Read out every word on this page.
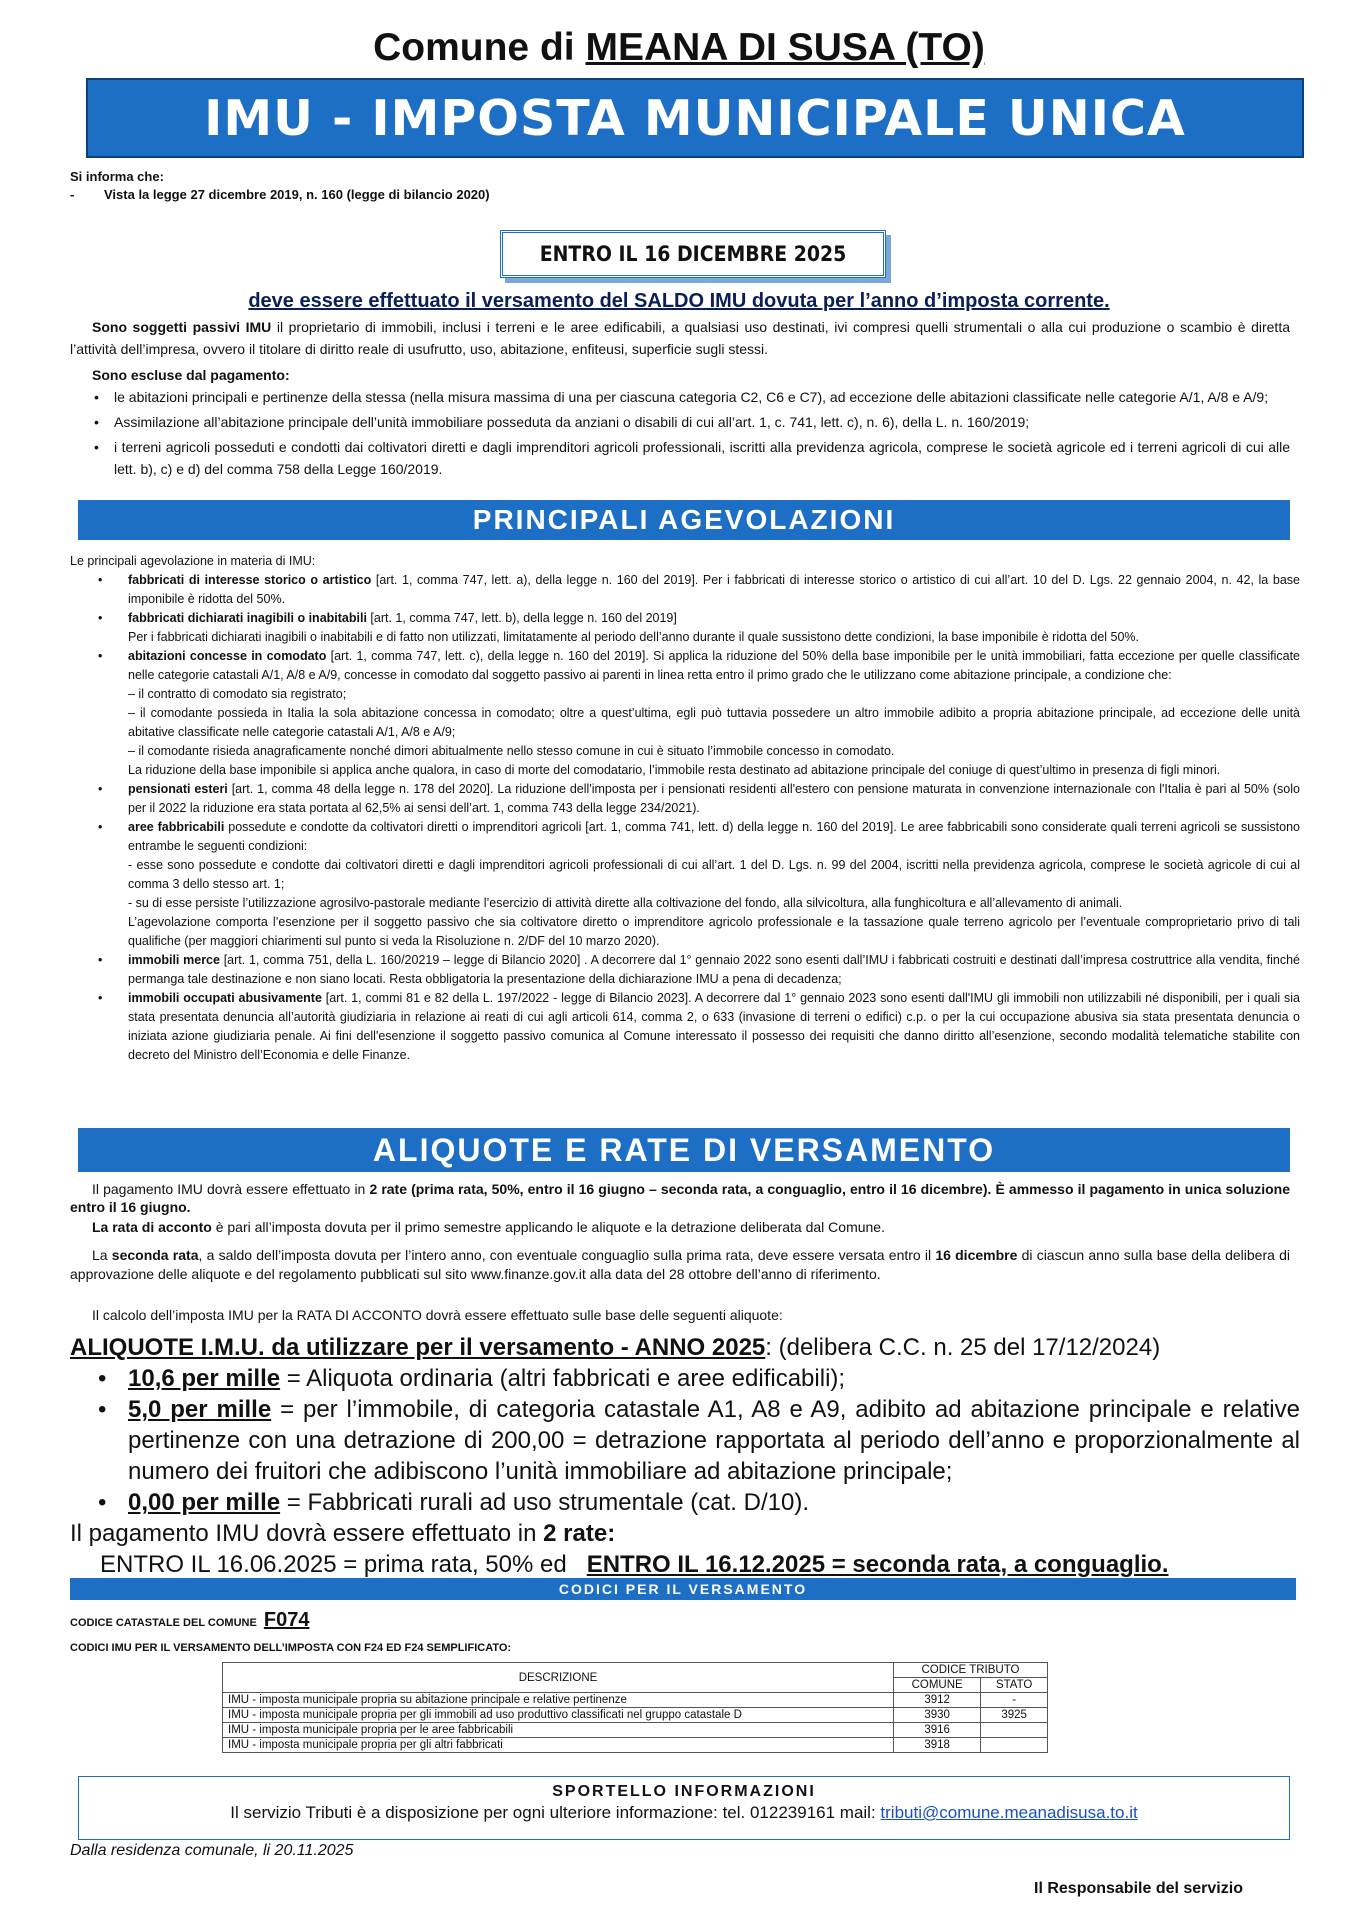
Comune di MEANA DI SUSA (TO)
IMU - IMPOSTA MUNICIPALE UNICA
Si informa che:
- Vista la legge 27 dicembre 2019, n. 160 (legge di bilancio 2020)
ENTRO IL 16 DICEMBRE 2025
deve essere effettuato il versamento del SALDO IMU dovuta per l’anno d’imposta corrente.
Sono soggetti passivi IMU il proprietario di immobili, inclusi i terreni e le aree edificabili, a qualsiasi uso destinati, ivi compresi quelli strumentali o alla cui produzione o scambio è diretta l’attività dell’impresa, ovvero il titolare di diritto reale di usufrutto, uso, abitazione, enfiteusi, superficie sugli stessi.
Sono escluse dal pagamento:
• le abitazioni principali e pertinenze della stessa (nella misura massima di una per ciascuna categoria C2, C6 e C7), ad eccezione delle abitazioni classificate nelle categorie A/1, A/8 e A/9;
• Assimilazione all’abitazione principale dell’unità immobiliare posseduta da anziani o disabili di cui all’art. 1, c. 741, lett. c), n. 6), della L. n. 160/2019;
• i terreni agricoli posseduti e condotti dai coltivatori diretti e dagli imprenditori agricoli professionali, iscritti alla previdenza agricola, comprese le società agricole ed i terreni agricoli di cui alle lett. b), c) e d) del comma 758 della Legge 160/2019.
PRINCIPALI AGEVOLAZIONI
Le principali agevolazione in materia di IMU:
• fabbricati di interesse storico o artistico [art. 1, comma 747, lett. a), della legge n. 160 del 2019]. Per i fabbricati di interesse storico o artistico di cui all’art. 10 del D. Lgs. 22 gennaio 2004, n. 42, la base imponibile è ridotta del 50%.
• fabbricati dichiarati inagibili o inabitabili [art. 1, comma 747, lett. b), della legge n. 160 del 2019]
Per i fabbricati dichiarati inagibili o inabitabili e di fatto non utilizzati, limitatamente al periodo dell’anno durante il quale sussistono dette condizioni, la base imponibile è ridotta del 50%.
• abitazioni concesse in comodato [art. 1, comma 747, lett. c), della legge n. 160 del 2019]. Si applica la riduzione del 50% della base imponibile per le unità immobiliari, fatta eccezione per quelle classificate nelle categorie catastali A/1, A/8 e A/9, concesse in comodato dal soggetto passivo ai parenti in linea retta entro il primo grado che le utilizzano come abitazione principale, a condizione che:
– il contratto di comodato sia registrato;
– il comodante possieda in Italia la sola abitazione concessa in comodato; oltre a quest’ultima, egli può tuttavia possedere un altro immobile adibito a propria abitazione principale, ad eccezione delle unità abitative classificate nelle categorie catastali A/1, A/8 e A/9;
– il comodante risieda anagraficamente nonché dimori abitualmente nello stesso comune in cui è situato l’immobile concesso in comodato.
La riduzione della base imponibile si applica anche qualora, in caso di morte del comodatario, l’immobile resta destinato ad abitazione principale del coniuge di quest’ultimo in presenza di figli minori.
• pensionati esteri [art. 1, comma 48 della legge n. 178 del 2020]. La riduzione dell'imposta per i pensionati residenti all'estero con pensione maturata in convenzione internazionale con l'Italia è pari al 50% (solo per il 2022 la riduzione era stata portata al 62,5% ai sensi dell’art. 1, comma 743 della legge 234/2021).
• aree fabbricabili possedute e condotte da coltivatori diretti o imprenditori agricoli [art. 1, comma 741, lett. d) della legge n. 160 del 2019]. Le aree fabbricabili sono considerate quali terreni agricoli se sussistono entrambe le seguenti condizioni:
- esse sono possedute e condotte dai coltivatori diretti e dagli imprenditori agricoli professionali di cui all’art. 1 del D. Lgs. n. 99 del 2004, iscritti nella previdenza agricola, comprese le società agricole di cui al comma 3 dello stesso art. 1;
- su di esse persiste l’utilizzazione agrosilvo-pastorale mediante l’esercizio di attività dirette alla coltivazione del fondo, alla silvicoltura, alla funghicoltura e all’allevamento di animali.
L’agevolazione comporta l’esenzione per il soggetto passivo che sia coltivatore diretto o imprenditore agricolo professionale e la tassazione quale terreno agricolo per l’eventuale comproprietario privo di tali qualifiche (per maggiori chiarimenti sul punto si veda la Risoluzione n. 2/DF del 10 marzo 2020).
• immobili merce [art. 1, comma 751, della L. 160/20219 – legge di Bilancio 2020] . A decorrere dal 1° gennaio 2022 sono esenti dall’IMU i fabbricati costruiti e destinati dall’impresa costruttrice alla vendita, finché permanga tale destinazione e non siano locati. Resta obbligatoria la presentazione della dichiarazione IMU a pena di decadenza;
• immobili occupati abusivamente [art. 1, commi 81 e 82 della L. 197/2022 - legge di Bilancio 2023]. A decorrere dal 1° gennaio 2023 sono esenti dall'IMU gli immobili non utilizzabili né disponibili, per i quali sia stata presentata denuncia all’autorità giudiziaria in relazione ai reati di cui agli articoli 614, comma 2, o 633 (invasione di terreni o edifici) c.p. o per la cui occupazione abusiva sia stata presentata denuncia o iniziata azione giudiziaria penale. Ai fini dell'esenzione il soggetto passivo comunica al Comune interessato il possesso dei requisiti che danno diritto all’esenzione, secondo modalità telematiche stabilite con decreto del Ministro dell’Economia e delle Finanze.
ALIQUOTE E RATE DI VERSAMENTO
Il pagamento IMU dovrà essere effettuato in 2 rate (prima rata, 50%, entro il 16 giugno – seconda rata, a conguaglio, entro il 16 dicembre). È ammesso il pagamento in unica soluzione entro il 16 giugno.
La rata di acconto è pari all’imposta dovuta per il primo semestre applicando le aliquote e la detrazione deliberata dal Comune.
La seconda rata, a saldo dell’imposta dovuta per l’intero anno, con eventuale conguaglio sulla prima rata, deve essere versata entro il 16 dicembre di ciascun anno sulla base della delibera di approvazione delle aliquote e del regolamento pubblicati sul sito www.finanze.gov.it alla data del 28 ottobre dell’anno di riferimento.
Il calcolo dell’imposta IMU per la RATA DI ACCONTO dovrà essere effettuato sulle base delle seguenti aliquote:
ALIQUOTE I.M.U. da utilizzare per il versamento - ANNO 2025: (delibera C.C. n. 25 del 17/12/2024)
• 10,6 per mille = Aliquota ordinaria (altri fabbricati e aree edificabili);
• 5,0 per mille = per l’immobile, di categoria catastale A1, A8 e A9, adibito ad abitazione principale e relative pertinenze con una detrazione di 200,00 = detrazione rapportata al periodo dell’anno e proporzionalmente al numero dei fruitori che adibiscono l’unità immobiliare ad abitazione principale;
• 0,00 per mille = Fabbricati rurali ad uso strumentale (cat. D/10).
Il pagamento IMU dovrà essere effettuato in 2 rate:
ENTRO IL 16.06.2025 = prima rata, 50% ed ENTRO IL 16.12.2025 = seconda rata, a conguaglio.
CODICI PER IL VERSAMENTO
CODICE CATASTALE DEL COMUNE F074
CODICI IMU PER IL VERSAMENTO DELL’IMPOSTA CON F24 ED F24 SEMPLIFICATO:
DESCRIZIONE	CODICE TRIBUTO	
	COMUNE	STATO
IMU - imposta municipale propria su abitazione principale e relative pertinenze	3912	-
IMU - imposta municipale propria per gli immobili ad uso produttivo classificati nel gruppo catastale D	3930	3925
IMU - imposta municipale propria per le aree fabbricabili	3916	
IMU - imposta municipale propria per gli altri fabbricati	3918	
SPORTELLO INFORMAZIONI
Il servizio Tributi è a disposizione per ogni ulteriore informazione: tel. 012239161 mail: tributi@comune.meanadisusa.to.it
Dalla residenza comunale, li 20.11.2025
Il Responsabile del servizio
